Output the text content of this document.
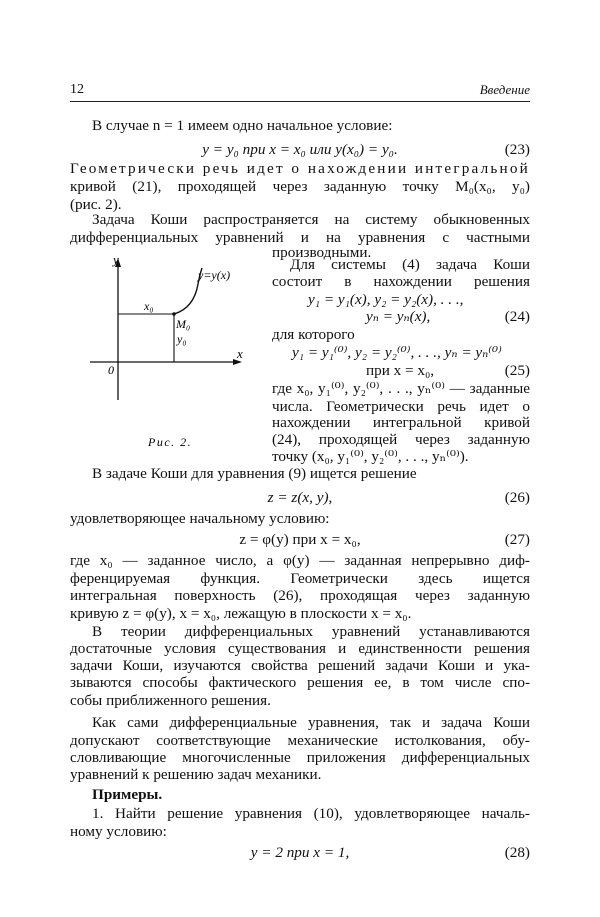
12	Введение
В случае n = 1 имеем одно начальное условие:
y = y₀ при x = x₀ или y(x₀) = y₀.	(23)
Геометрически речь идет о нахождении интегральной
кривой (21), проходящей через заданную точку M₀(x₀, y₀)
(рис. 2).
Задача Коши распространяется на систему обыкновенных
дифференциальных уравнений и на уравнения с частными
производными.
y
x
0
y=y(x)
x₀
y₀
M₀
Рис. 2.
Для системы (4) задача Коши
состоит в нахождении решения
y₁ = y₁(x), y₂ = y₂(x), . . .,
yₙ = yₙ(x),	(24)
для которого
y₁ = y₁⁽⁰⁾, y₂ = y₂⁽⁰⁾, . . ., yₙ = yₙ⁽⁰⁾
при x = x₀,	(25)
где x₀, y₁⁽⁰⁾, y₂⁽⁰⁾, . . ., yₙ⁽⁰⁾ — заданные
числа. Геометрически речь идет о
нахождении интегральной кривой
(24), проходящей через заданную
точку (x₀, y₁⁽⁰⁾, y₂⁽⁰⁾, . . ., yₙ⁽⁰⁾).
В задаче Коши для уравнения (9) ищется решение
z = z(x, y),	(26)
удовлетворяющее начальному условию:
z = φ(y) при x = x₀,	(27)
где x₀ — заданное число, а φ(y) — заданная непрерывно диф-
ференцируемая функция. Геометрически здесь ищется
интегральная поверхность (26), проходящая через заданную
кривую z = φ(y), x = x₀, лежащую в плоскости x = x₀.
В теории дифференциальных уравнений устанавливаются
достаточные условия существования и единственности решения
задачи Коши, изучаются свойства решений задачи Коши и ука-
зываются способы фактического решения ее, в том числе спо-
собы приближенного решения.
Как сами дифференциальные уравнения, так и задача Коши
допускают соответствующие механические истолкования, обу-
словливающие многочисленные приложения дифференциальных
уравнений к решению задач механики.
Примеры.
1. Найти решение уравнения (10), удовлетворяющее началь-
ному условию:
y = 2 при x = 1,	(28)
